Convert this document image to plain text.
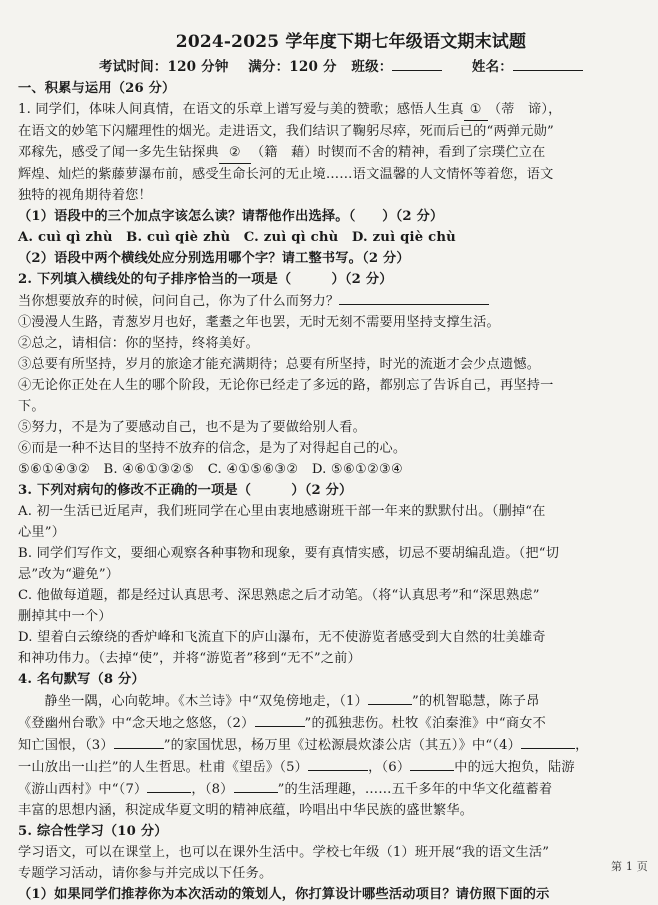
2024-2025 学年度下期七年级语文期末试题
考试时间：120 分钟 满分：120 分 班级：	姓名：

一、积累与运用（26 分）

1. 同学们，体味人间真情，在语文的乐章上谱写爱与美的赞歌；感悟人生真 ① （蒂　谛），

在语文的妙笔下闪耀理性的烟光。走进语文，我们结识了鞠躬尽瘁，死而后已的“两弹元勋”

邓稼先，感受了闻一多先生钻探典 ② （籍　藉）时锲而不舍的精神，看到了宗璞伫立在

辉煌、灿烂的紫藤萝瀑布前，感受生命长河的无止境……语文温馨的人文情怀等着您，语文

独特的视角期待着您！

（1）语段中的三个加点字该怎么读？请帮他作出选择。（　　）（2 分）

A. cuì qì zhù　B. cuì qiè zhù　C. zuì qì chù　D. zuì qiè chù

（2）语段中两个横线处应分别选用哪个字？请工整书写。（2 分）

2. 下列填入横线处的句子排序恰当的一项是（　　　）（2 分）

当你想要放弃的时候，问问自己，你为了什么而努力？

①漫漫人生路，青葱岁月也好，耄耋之年也罢，无时无刻不需要用坚持支撑生活。

②总之，请相信：你的坚持，终将美好。

③总要有所坚持，岁月的旅途才能充满期待；总要有所坚持，时光的流逝才会少点遗憾。

④无论你正处在人生的哪个阶段，无论你已经走了多远的路，都别忘了告诉自己，再坚持一

下。

⑤努力，不是为了要感动自己，也不是为了要做给别人看。

⑥而是一种不达目的坚持不放弃的信念，是为了对得起自己的心。

⑤⑥①④③②　B. ④⑥①③②⑤　C. ④①⑤⑥③②　D. ⑤⑥①②③④

3. 下列对病句的修改不正确的一项是（　　　）（2 分）

A. 初一生活已近尾声，我们班同学在心里由衷地感谢班干部一年来的默默付出。（删掉“在

心里”）

B. 同学们写作文，要细心观察各种事物和现象，要有真情实感，切忌不要胡编乱造。（把“切

忌”改为“避免”）

C. 他做每道题，都是经过认真思考、深思熟虑之后才动笔。（将“认真思考”和“深思熟虑”

删掉其中一个）

D. 望着白云缭绕的香炉峰和飞流直下的庐山瀑布，无不使游览者感受到大自然的壮美雄奇

和神功伟力。（去掉“使”，并将“游览者”移到“无不”之前）

4. 名句默写（8 分）

静坐一隅，心向乾坤。《木兰诗》中“双兔傍地走，（1）	”的机智聪慧，陈子昂

《登幽州台歌》中“念天地之悠悠，（2）	”的孤独悲伤。杜牧《泊秦淮》中“商女不

知亡国恨，（3）	”的家国忧思，杨万里《过松源晨炊漆公店（其五）》中“（4）	，

一山放出一山拦”的人生哲思。杜甫《望岳》（5）	，（6）	中的远大抱负，陆游

《游山西村》中“（7）	，（8）	”的生活理趣，……五千多年的中华文化蕴蓄着

丰富的思想内涵，积淀成华夏文明的精神底蕴，吟唱出中华民族的盛世繁华。

5. 综合性学习（10 分）

学习语文，可以在课堂上，也可以在课外生活中。学校七年级（1）班开展“我的语文生活”

专题学习活动，请你参与并完成以下任务。

（1）如果同学们推荐你为本次活动的策划人，你打算设计哪些活动项目？请仿照下面的示

第 1 页
